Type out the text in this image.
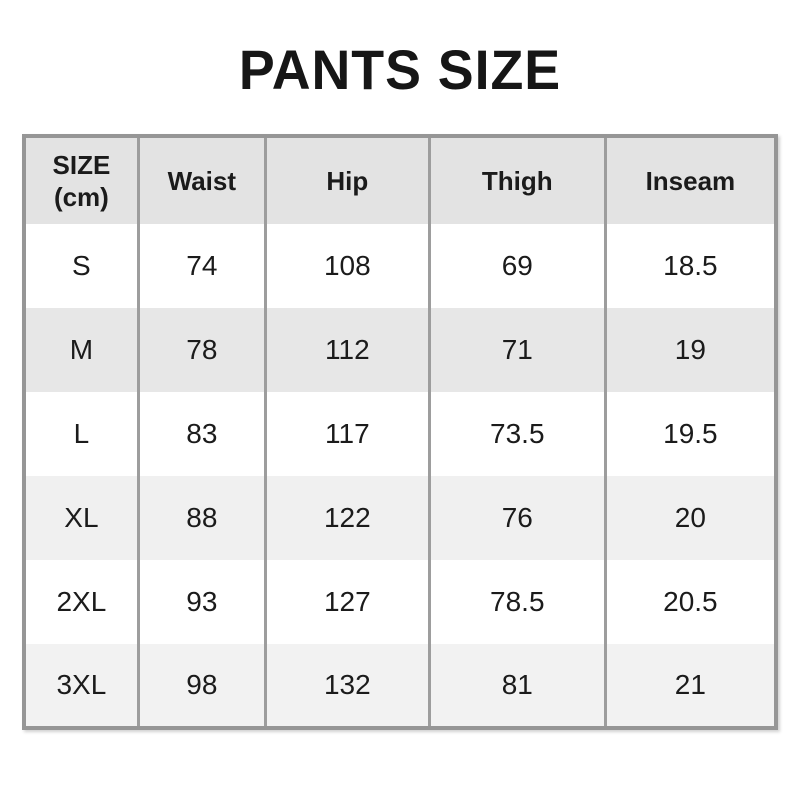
PANTS SIZE
SIZE
(cm)	Waist	Hip	Thigh	Inseam
S	74	108	69	18.5
M	78	112	71	19
L	83	117	73.5	19.5
XL	88	122	76	20
2XL	93	127	78.5	20.5
3XL	98	132	81	21
